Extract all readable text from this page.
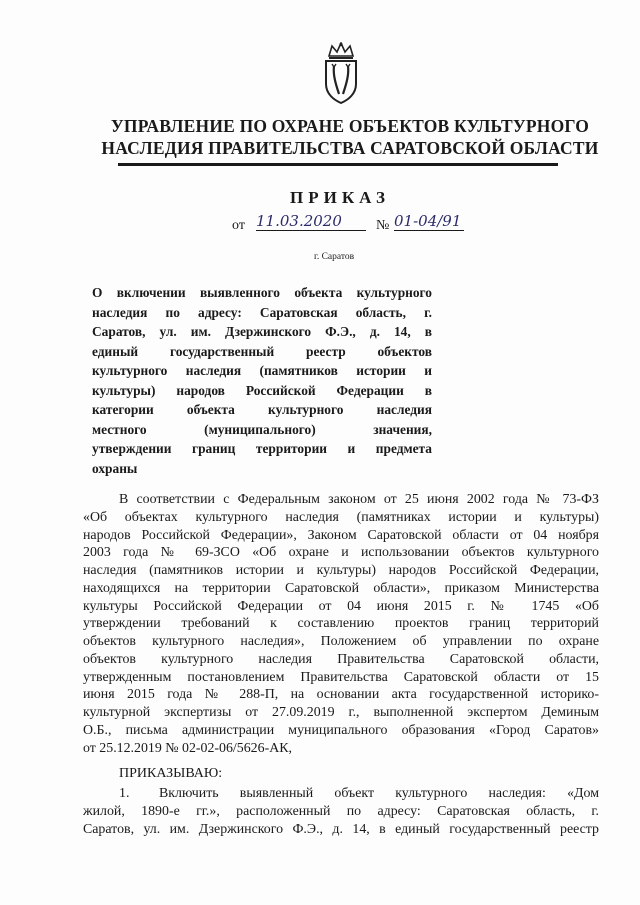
УПРАВЛЕНИЕ ПО ОХРАНЕ ОБЪЕКТОВ КУЛЬТУРНОГО
НАСЛЕДИЯ ПРАВИТЕЛЬСТВА САРАТОВСКОЙ ОБЛАСТИ
ПРИКАЗ
от 11.03.2020	№ 01-04/91
г. Саратов
О включении выявленного объекта культурного
наследия по адресу: Саратовская область, г.
Саратов, ул. им. Дзержинского Ф.Э., д. 14, в
единый государственный реестр объектов
культурного наследия (памятников истории и
культуры) народов Российской Федерации в
категории объекта культурного наследия
местного (муниципального) значения,
утверждении границ территории и предмета
охраны
В соответствии с Федеральным законом от 25 июня 2002 года № 73-ФЗ
«Об объектах культурного наследия (памятниках истории и культуры)
народов Российской Федерации», Законом Саратовской области от 04 ноября
2003 года № 69-ЗСО «Об охране и использовании объектов культурного
наследия (памятников истории и культуры) народов Российской Федерации,
находящихся на территории Саратовской области», приказом Министерства
культуры Российской Федерации от 04 июня 2015 г. № 1745 «Об
утверждении требований к составлению проектов границ территорий
объектов культурного наследия», Положением об управлении по охране
объектов культурного наследия Правительства Саратовской области,
утвержденным постановлением Правительства Саратовской области от 15
июня 2015 года № 288-П, на основании акта государственной историко-
культурной экспертизы от 27.09.2019 г., выполненной экспертом Деминым
О.Б., письма администрации муниципального образования «Город Саратов»
от 25.12.2019 № 02-02-06/5626-АК,
ПРИКАЗЫВАЮ:
1. Включить выявленный объект культурного наследия: «Дом
жилой, 1890-е гг.», расположенный по адресу: Саратовская область, г.
Саратов, ул. им. Дзержинского Ф.Э., д. 14, в единый государственный реестр
